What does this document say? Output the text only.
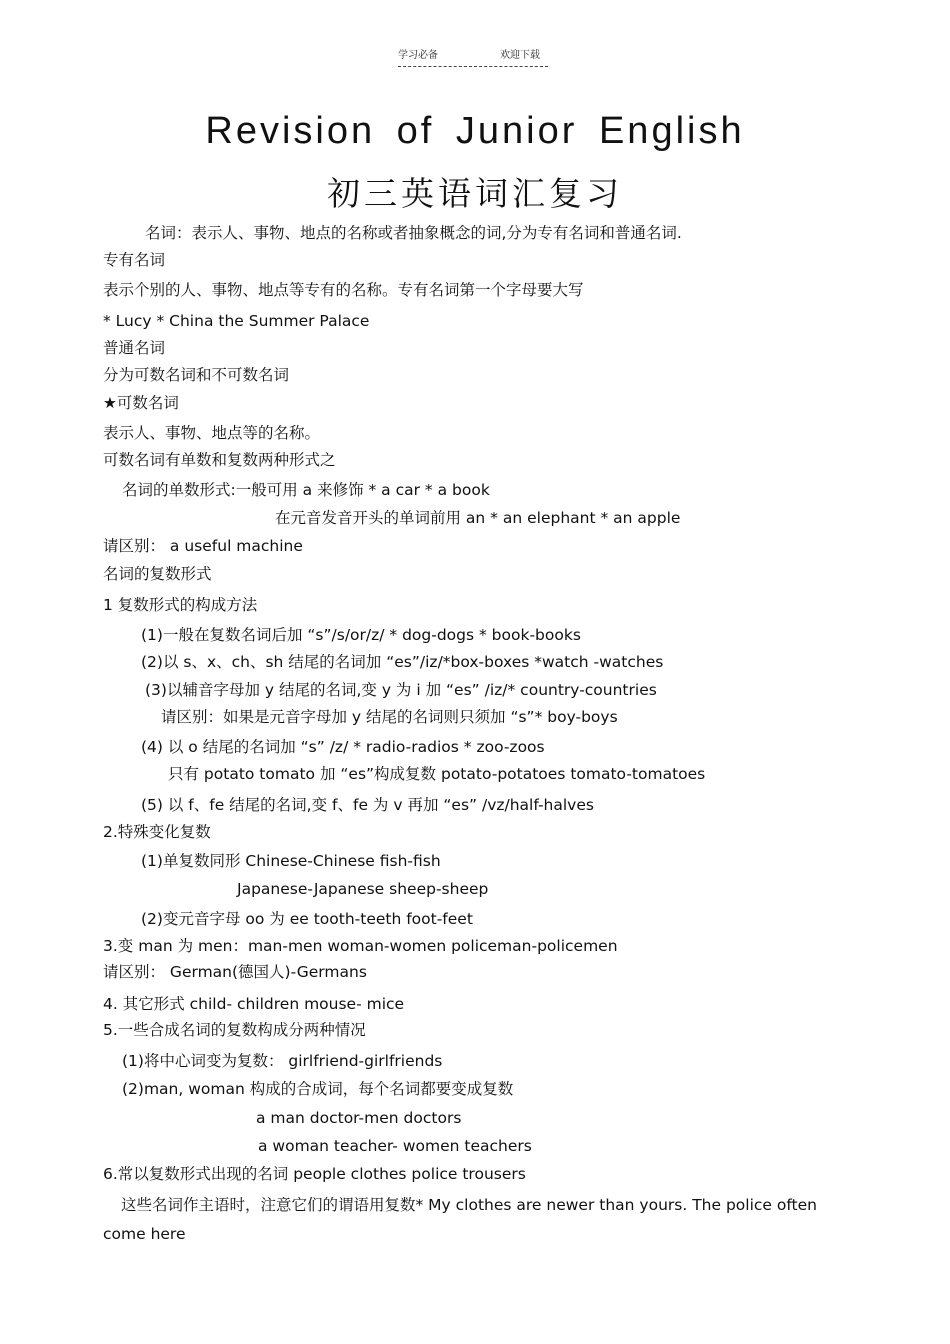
学习必备	欢迎下载
Revision of Junior English
初三英语词汇复习
名词：表示人、事物、地点的名称或者抽象概念的词,分为专有名词和普通名词.
专有名词
表示个别的人、事物、地点等专有的名称。专有名词第一个字母要大写
* Lucy * China the Summer Palace
普通名词
分为可数名词和不可数名词
★可数名词
表示人、事物、地点等的名称。
可数名词有单数和复数两种形式之
名词的单数形式:一般可用 a 来修饰 * a car * a book
在元音发音开头的单词前用 an * an elephant * an apple
请区别： a useful machine
名词的复数形式
1 复数形式的构成方法
(1)一般在复数名词后加 “s”/s/or/z/ * dog-dogs * book-books
(2)以 s、x、ch、sh 结尾的名词加 “es”/iz/*box-boxes *watch -watches
(3)以辅音字母加 y 结尾的名词,变 y 为 i 加 “es” /iz/* country-countries
请区别：如果是元音字母加 y 结尾的名词则只须加 “s”* boy-boys
(4) 以 o 结尾的名词加 “s” /z/ * radio-radios * zoo-zoos
只有 potato tomato 加 “es”构成复数 potato-potatoes tomato-tomatoes
(5) 以 f、fe 结尾的名词,变 f、fe 为 v 再加 “es” /vz/half-halves
2.特殊变化复数
(1)单复数同形 Chinese-Chinese fish-fish
Japanese-Japanese sheep-sheep
(2)变元音字母 oo 为 ee tooth-teeth foot-feet
3.变 man 为 men：man-men woman-women policeman-policemen
请区别： German(德国人)-Germans
4. 其它形式 child- children mouse- mice
5.一些合成名词的复数构成分两种情况
(1)将中心词变为复数： girlfriend-girlfriends
(2)man, woman 构成的合成词，每个名词都要变成复数
a man doctor-men doctors
a woman teacher- women teachers
6.常以复数形式出现的名词 people clothes police trousers
这些名词作主语时，注意它们的谓语用复数* My clothes are newer than yours. The police often come here
